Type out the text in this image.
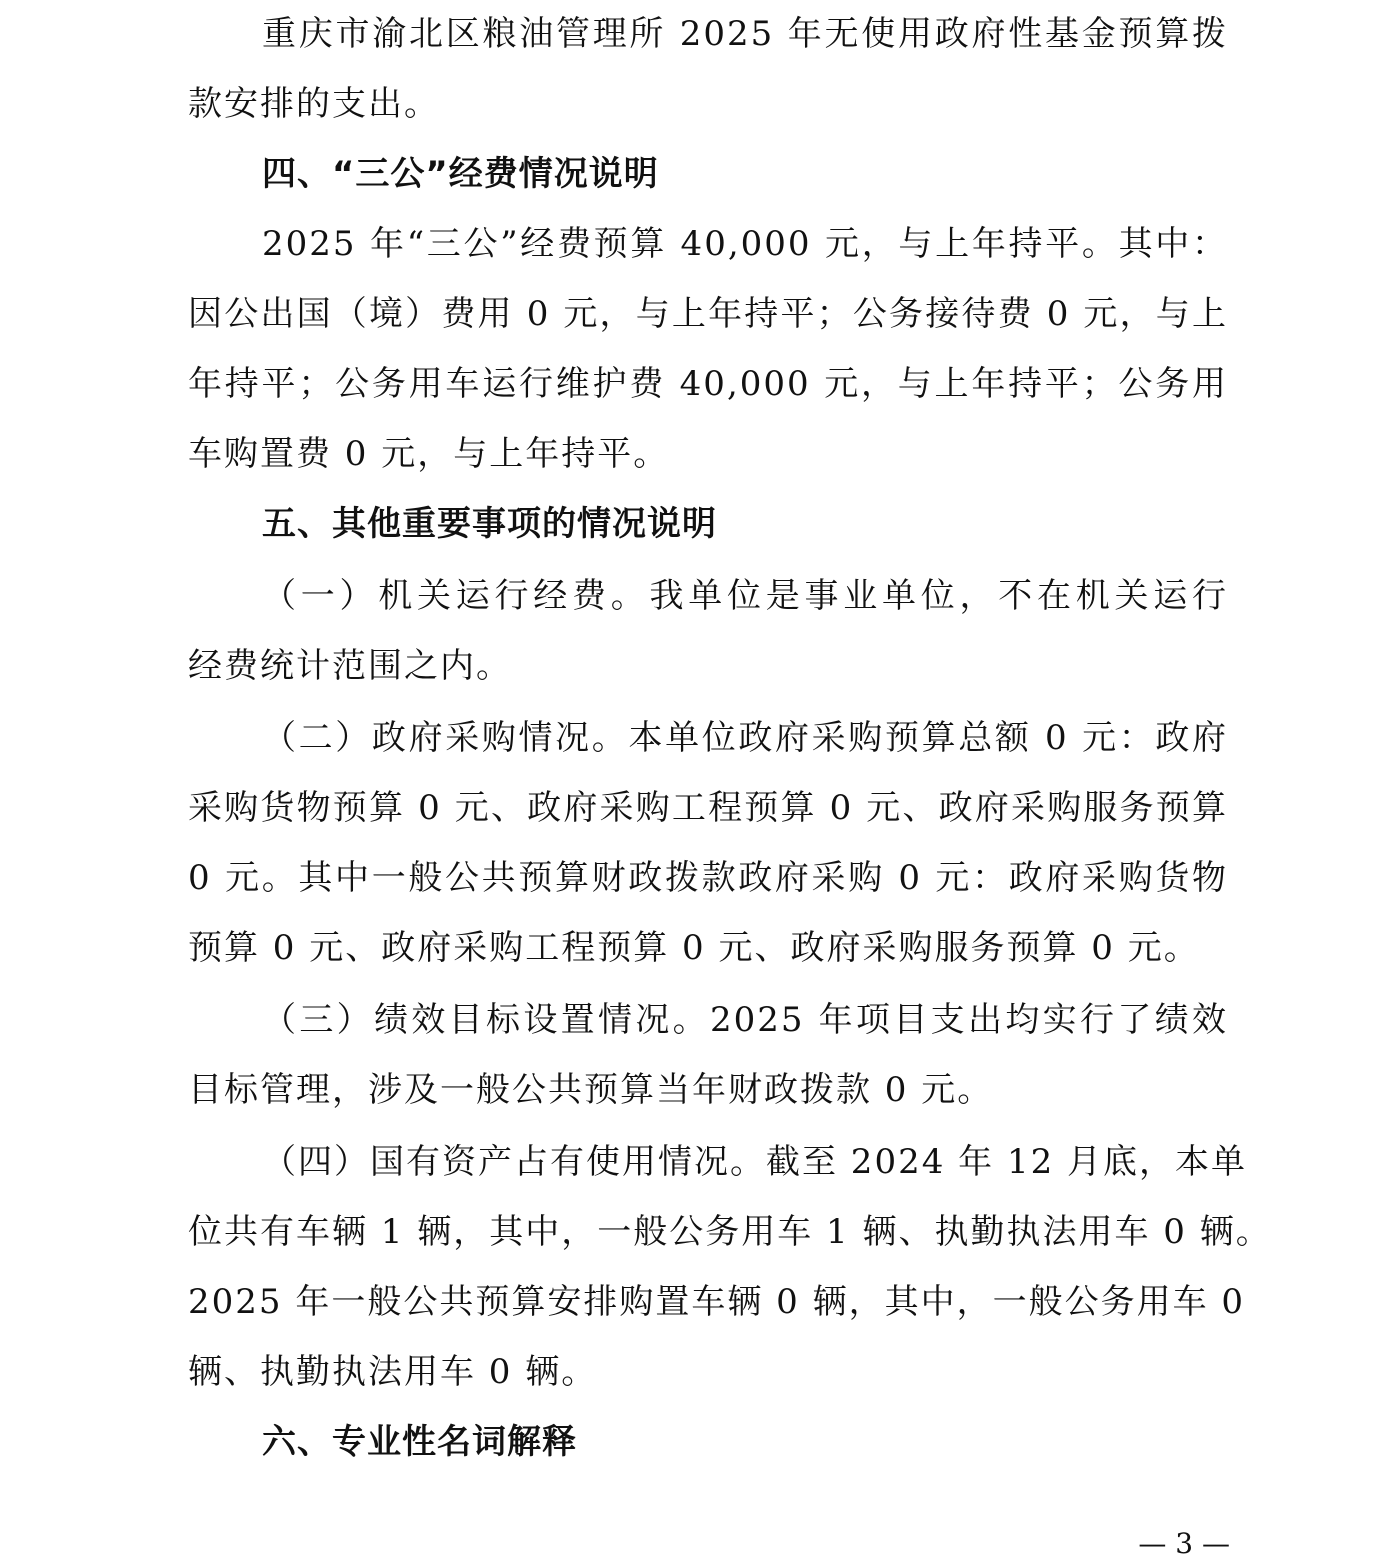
重庆市渝北区粮油管理所 2025 年无使用政府性基金预算拨
款安排的支出。
四、“三公”经费情况说明
2025 年“三公”经费预算 40,000 元，与上年持平。其中：
因公出国（境）费用 0 元，与上年持平；公务接待费 0 元，与上
年持平；公务用车运行维护费 40,000 元，与上年持平；公务用
车购置费 0 元，与上年持平。
五、其他重要事项的情况说明
（一）机关运行经费。我单位是事业单位，不在机关运行
经费统计范围之内。
（二）政府采购情况。本单位政府采购预算总额 0 元：政府
采购货物预算 0 元、政府采购工程预算 0 元、政府采购服务预算
0 元。其中一般公共预算财政拨款政府采购 0 元：政府采购货物
预算 0 元、政府采购工程预算 0 元、政府采购服务预算 0 元。
（三）绩效目标设置情况。2025 年项目支出均实行了绩效
目标管理，涉及一般公共预算当年财政拨款 0 元。
（四）国有资产占有使用情况。截至 2024 年 12 月底，本单
位共有车辆 1 辆，其中，一般公务用车 1 辆、执勤执法用车 0 辆。
2025 年一般公共预算安排购置车辆 0 辆，其中，一般公务用车 0
辆、执勤执法用车 0 辆。
六、专业性名词解释
— 3 —
